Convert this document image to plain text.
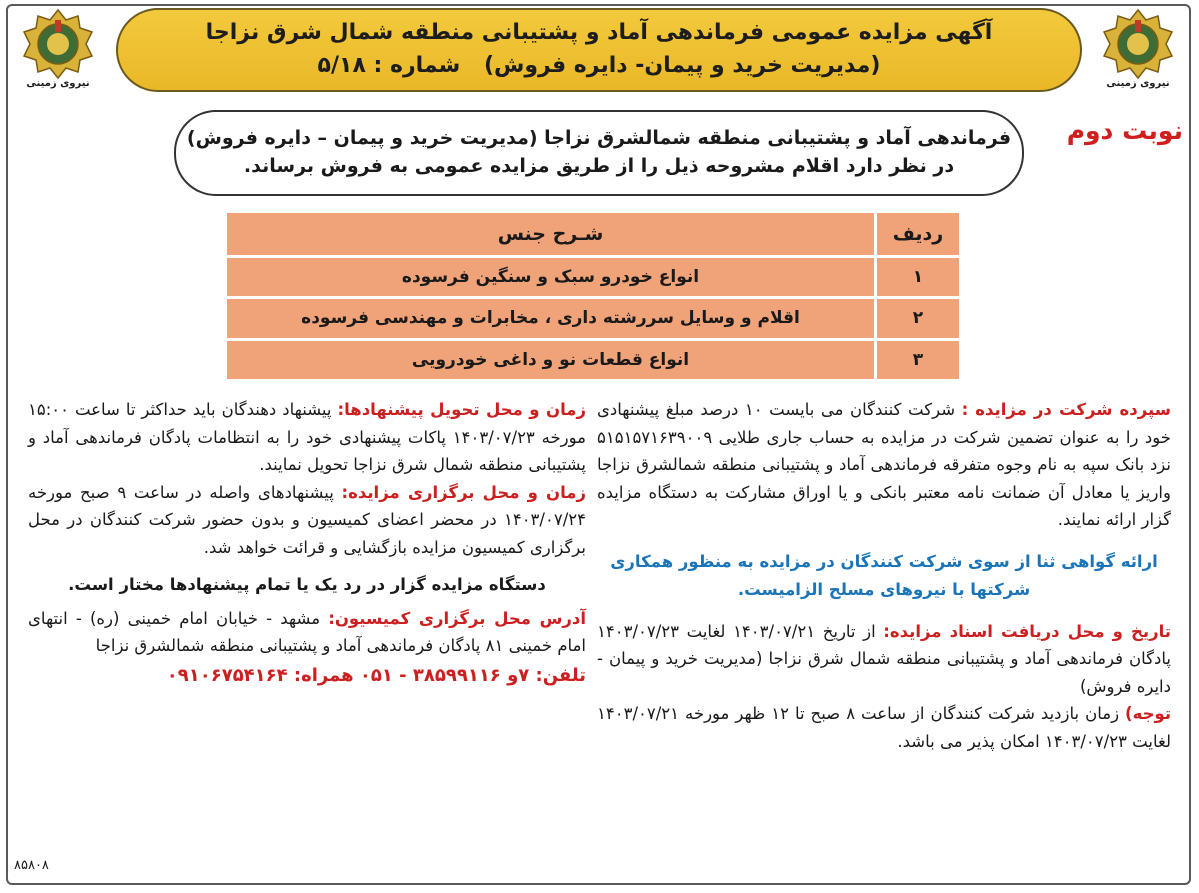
نیروی زمینی	نیروی زمینی
آگهی مزایده عمومی فرماندهی آماد و پشتیبانی منطقه شمال شرق نزاجا
(مدیریت خرید و پیمان- دایره فروش) شماره : ۵/۱۸
نوبت دوم
فرماندهی آماد و پشتیبانی منطقه شمالشرق نزاجا (مدیریت خرید و پیمان – دایره فروش)
در نظر دارد اقلام مشروحه ذیل را از طریق مزایده عمومی به فروش برساند.
ردیف	شـرح جنس
۱	انواع خودرو سبک و سنگین فرسوده
۲	اقلام و وسایل سررشته داری ، مخابرات و مهندسی فرسوده
۳	انواع قطعات نو و داغی خودرویی

سپرده شرکت در مزایده : شرکت کنندگان می بایست ۱۰ درصد مبلغ پیشنهادی خود را به عنوان تضمین شرکت در مزایده به حساب جاری طلایی ۵۱۵۱۵۷۱۶۳۹۰۰۹ نزد بانک سپه به نام وجوه متفرقه فرماندهی آماد و پشتیبانی منطقه شمالشرق نزاجا واریز یا معادل آن ضمانت نامه معتبر بانکی و یا اوراق مشارکت به دستگاه مزایده گزار ارائه نمایند.

ارائه گواهی ثنا از سوی شرکت کنندگان در مزایده به منظور همکاری شرکتها با نیروهای مسلح الزامیست.

تاریخ و محل دریافت اسناد مزایده: از تاریخ ۱۴۰۳/۰۷/۲۱ لغایت ۱۴۰۳/۰۷/۲۳ پادگان فرماندهی آماد و پشتیبانی منطقه شمال شرق نزاجا (مدیریت خرید و پیمان - دایره فروش)

توجه) زمان بازدید شرکت کنندگان از ساعت ۸ صبح تا ۱۲ ظهر مورخه ۱۴۰۳/۰۷/۲۱ لغایت ۱۴۰۳/۰۷/۲۳ امکان پذیر می باشد.

زمان و محل تحویل پیشنهادها: پیشنهاد دهندگان باید حداکثر تا ساعت ۱۵:۰۰ مورخه ۱۴۰۳/۰۷/۲۳ پاکات پیشنهادی خود را به انتظامات پادگان فرماندهی آماد و پشتیبانی منطقه شمال شرق نزاجا تحویل نمایند.

زمان و محل برگزاری مزایده: پیشنهادهای واصله در ساعت ۹ صبح مورخه ۱۴۰۳/۰۷/۲۴ در محضر اعضای کمیسیون و بدون حضور شرکت کنندگان در محل برگزاری کمیسیون مزایده بازگشایی و قرائت خواهد شد.

دستگاه مزایده گزار در رد یک یا تمام پیشنهادها مختار است.

آدرس محل برگزاری کمیسیون: مشهد - خیابان امام خمینی (ره) - انتهای امام خمینی ۸۱ پادگان فرماندهی آماد و پشتیبانی منطقه شمالشرق نزاجا

تلفن: ۷و ۳۸۵۹۹۱۱۶ - ۰۵۱ همراه: ۰۹۱۰۶۷۵۴۱۶۴

۸۵۸۰۸
